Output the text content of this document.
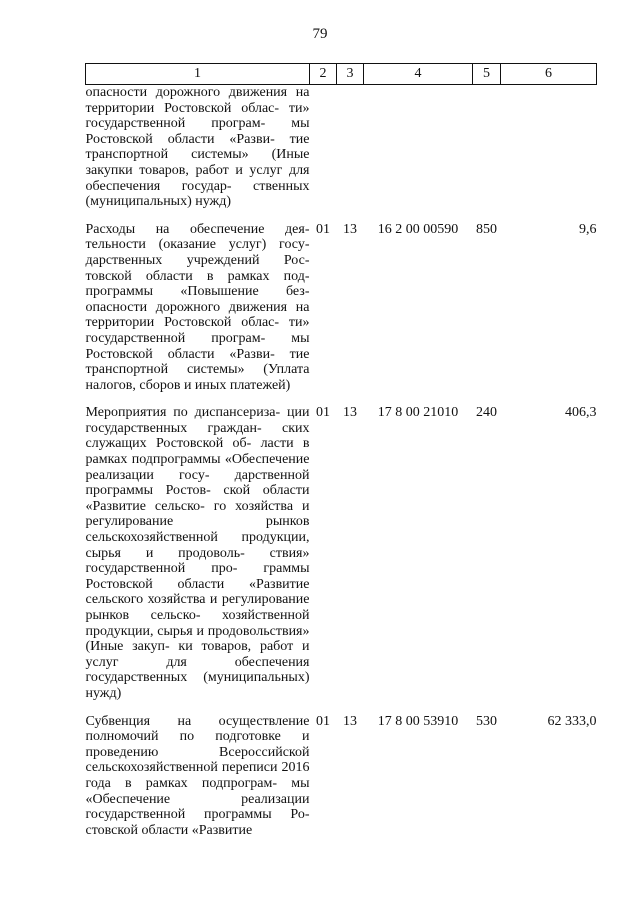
79
1	2	3	4	5	6
опасности дорожного движения на территории Ростовской облас- ти» государственной програм- мы Ростовской области «Разви- тие транспортной системы» (Иные закупки товаров, работ и услуг для обеспечения государ- ственных (муниципальных) нужд)					
Расходы на обеспечение дея- тельности (оказание услуг) госу- дарственных учреждений Рос- товской области в рамках под- программы «Повышение без- опасности дорожного движения на территории Ростовской облас- ти» государственной програм- мы Ростовской области «Разви- тие транспортной системы» (Уплата налогов, сборов и иных платежей)	01	13	16 2 00 00590	850	9,6
Мероприятия по диспансериза- ции государственных граждан- ских служащих Ростовской об- ласти в рамках подпрограммы «Обеспечение реализации госу- дарственной программы Ростов- ской области «Развитие сельско- го хозяйства и регулирование рынков сельскохозяйственной продукции, сырья и продоволь- ствия» государственной про- граммы Ростовской области «Развитие сельского хозяйства и регулирование рынков сельско- хозяйственной продукции, сырья и продовольствия» (Иные закуп- ки товаров, работ и услуг для обеспечения государственных (муниципальных) нужд)	01	13	17 8 00 21010	240	406,3
Субвенция на осуществление полномочий по подготовке и проведению Всероссийской сельскохозяйственной переписи 2016 года в рамках подпрограм- мы «Обеспечение реализации государственной программы Ро- стовской области «Развитие	01	13	17 8 00 53910	530	62 333,0
